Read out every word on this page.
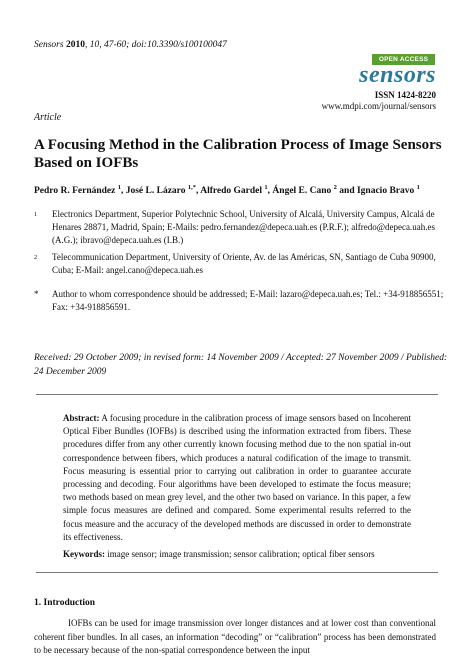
Sensors 2010, 10, 47-60; doi:10.3390/s100100047
OPEN ACCESS
sensors
ISSN 1424-8220
www.mdpi.com/journal/sensors
Article
A Focusing Method in the Calibration Process of Image Sensors Based on IOFBs
Pedro R. Fernández $^1$, José L. Lázaro $^{1,*}$, Alfredo Gardel $^1$, Ángel E. Cano $^2$ and Ignacio Bravo $^1$
1 Electronics Department, Superior Polytechnic School, University of Alcalá, University Campus, Alcalá de Henares 28871, Madrid, Spain; E-Mails: pedro.fernandez@depeca.uah.es (P.R.F.); alfredo@depeca.uah.es (A.G.); ibravo@depeca.uah.es (I.B.)
2 Telecommunication Department, University of Oriente, Av. de las Américas, SN, Santiago de Cuba 90900, Cuba; E-Mail: angel.cano@depeca.uah.es
* Author to whom correspondence should be addressed; E-Mail: lazaro@depeca.uah.es; Tel.: +34-918856551; Fax: +34-918856591.
Received: 29 October 2009; in revised form: 14 November 2009 / Accepted: 27 November 2009 / Published: 24 December 2009
Abstract: A focusing procedure in the calibration process of image sensors based on Incoherent Optical Fiber Bundles (IOFBs) is described using the information extracted from fibers. These procedures differ from any other currently known focusing method due to the non spatial in-out correspondence between fibers, which produces a natural codification of the image to transmit. Focus measuring is essential prior to carrying out calibration in order to guarantee accurate processing and decoding. Four algorithms have been developed to estimate the focus measure; two methods based on mean grey level, and the other two based on variance. In this paper, a few simple focus measures are defined and compared. Some experimental results referred to the focus measure and the accuracy of the developed methods are discussed in order to demonstrate its effectiveness.
Keywords: image sensor; image transmission; sensor calibration; optical fiber sensors
1. Introduction
IOFBs can be used for image transmission over longer distances and at lower cost than conventional coherent fiber bundles. In all cases, an information “decoding” or “calibration” process has been demonstrated to be necessary because of the non-spatial correspondence between the input
